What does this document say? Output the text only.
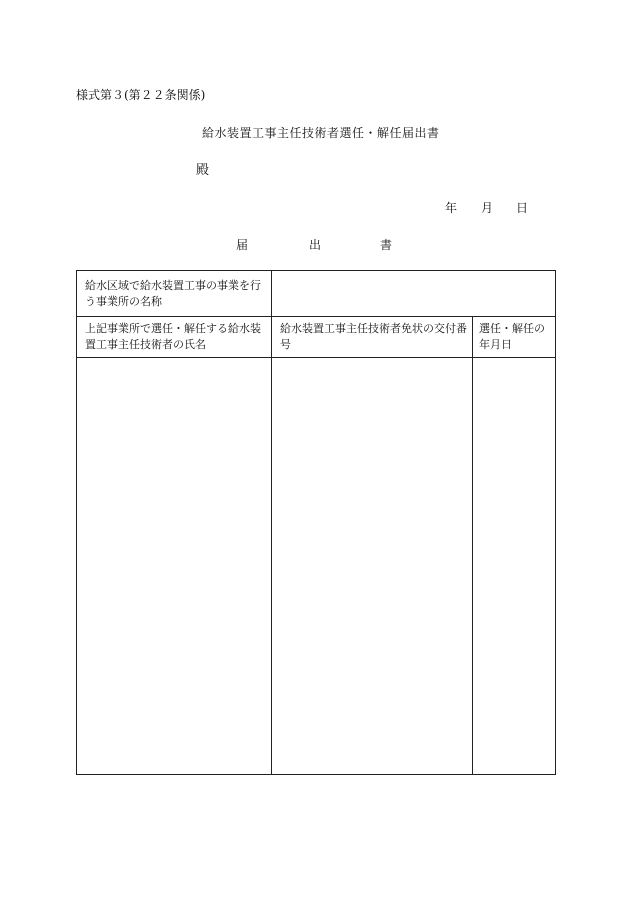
様式第３(第２２条関係)
給水装置工事主任技術者選任・解任届出書
殿
年 月 日
届	出	書
給水区域で給水装置工事の事業を行う事業所の名称
上記事業所で選任・解任する給水装置工事主任技術者の氏名
給水装置工事主任技術者免状の交付番号
選任・解任の年月日
